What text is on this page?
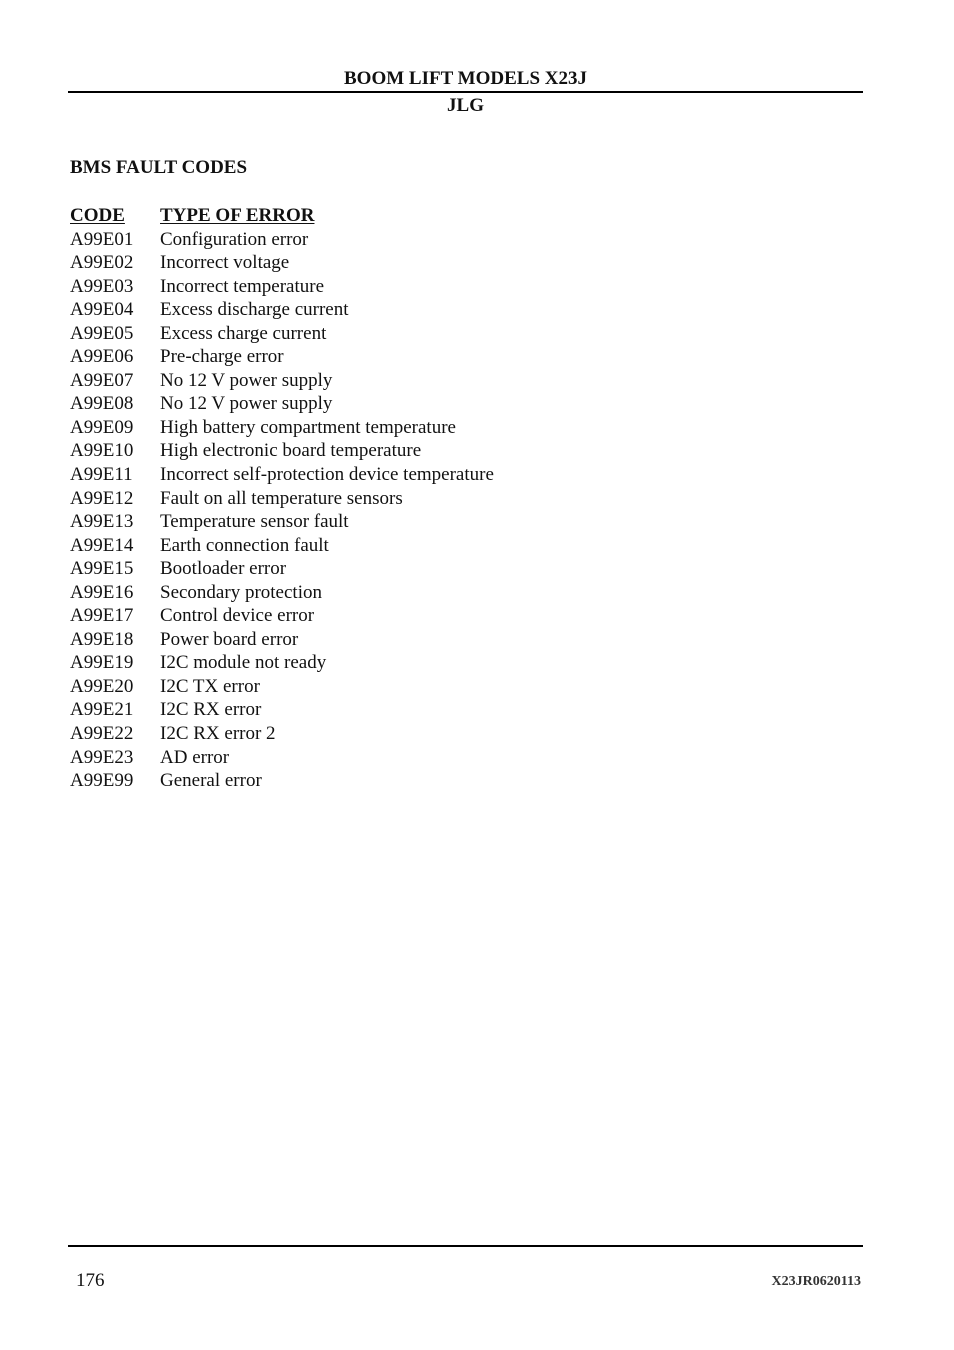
BOOM LIFT MODELS X23J
JLG
BMS FAULT CODES
CODE	TYPE OF ERROR
A99E01	Configuration error
A99E02	Incorrect voltage
A99E03	Incorrect temperature
A99E04	Excess discharge current
A99E05	Excess charge current
A99E06	Pre-charge error
A99E07	No 12 V power supply
A99E08	No 12 V power supply
A99E09	High battery compartment temperature
A99E10	High electronic board temperature
A99E11	Incorrect self-protection device temperature
A99E12	Fault on all temperature sensors
A99E13	Temperature sensor fault
A99E14	Earth connection fault
A99E15	Bootloader error
A99E16	Secondary protection
A99E17	Control device error
A99E18	Power board error
A99E19	I2C module not ready
A99E20	I2C TX error
A99E21	I2C RX error
A99E22	I2C RX error 2
A99E23	AD error
A99E99	General error
176	X23JR0620113
